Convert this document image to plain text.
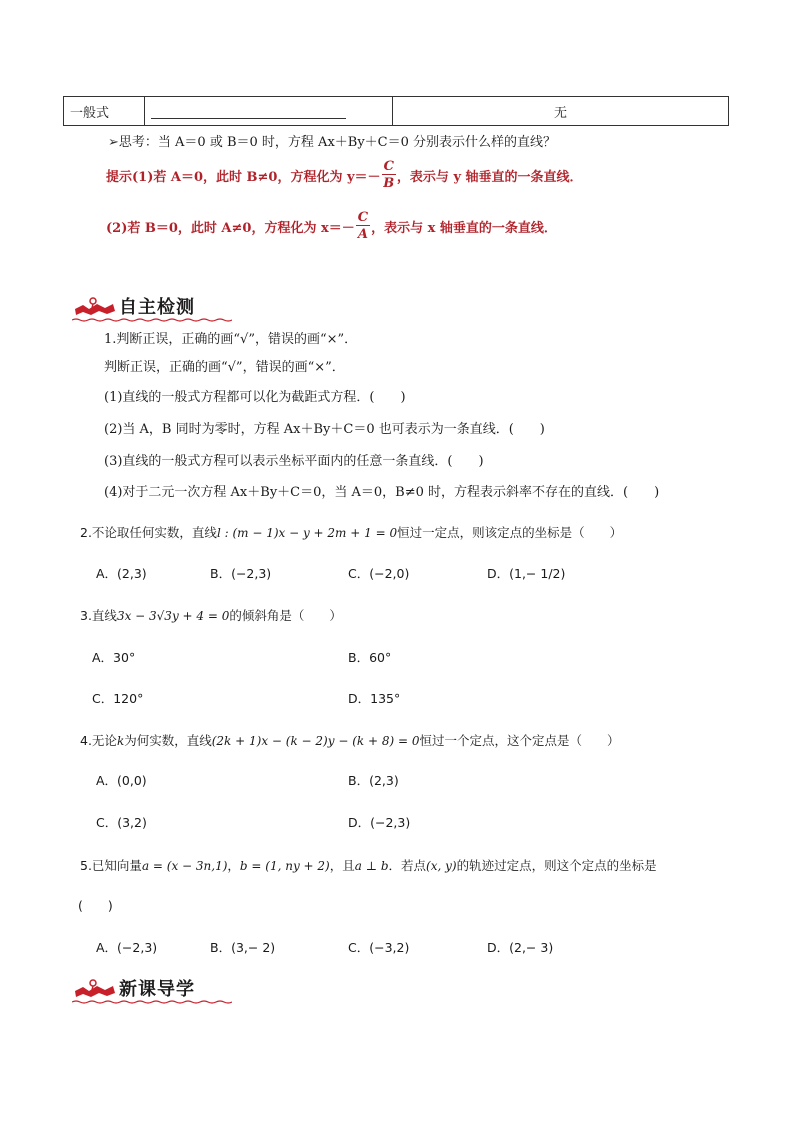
一般式		无
➢思考：当 A＝0 或 B＝0 时，方程 Ax＋By＋C＝0 分别表示什么样的直线？
提示 (1)若 A＝0，此时 B≠0，方程化为 $y=- \frac{C}{B}$ ，表示与 y 轴垂直的一条直线．
(2)若 B＝0，此时 A≠0，方程化为 $x=- \frac{C}{A}$ ，表示与 x 轴垂直的一条直线．
自主检测
1.判断正误，正确的画“√”，错误的画“×”．
判断正误，正确的画“√”，错误的画“×”．
(1)直线的一般式方程都可以化为截距式方程．(　　)
(2)当 A，B 同时为零时，方程 Ax＋By＋C＝0 也可表示为一条直线．(　　)
(3)直线的一般式方程可以表示坐标平面内的任意一条直线．(　　)
(4)对于二元一次方程 Ax＋By＋C＝0，当 A＝0，B≠0 时，方程表示斜率不存在的直线．(　　)
2.不论取任何实数，直线l : (m − 1)x − y + 2m + 1 = 0恒过一定点，则该定点的坐标是（　　）
A．(2,3)	B．(−2,3)	C．(−2,0)	D．(1,− 1/2)
3.直线3x − 3√3y + 4 = 0的倾斜角是（　　）
A．30°	B．60°
C．120°	D．135°
4.无论k为何实数，直线(2k + 1)x − (k − 2)y − (k + 8) = 0恒过一个定点，这个定点是（　　）
A．(0,0)	B．(2,3)
C．(3,2)	D．(−2,3)
5.已知向量a = (x − 3n,1)，b = (1, ny + 2)，且a ⊥ b．若点(x, y)的轨迹过定点，则这个定点的坐标是
(　　)
A．(−2,3)	B．(3,− 2)	C．(−3,2)	D．(2,− 3)
新课导学
